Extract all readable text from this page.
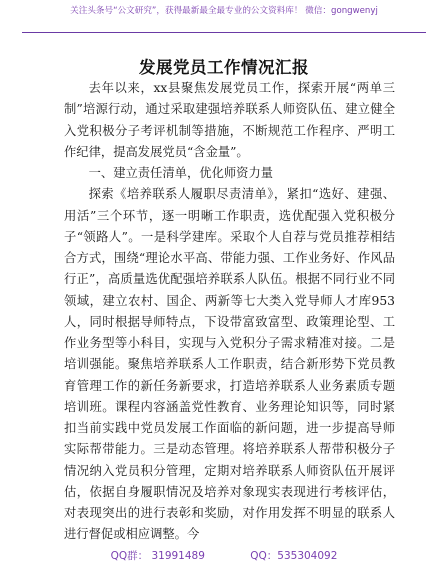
关注头条号“公文研究”，获得最新最全最专业的公文资料库！ 微信：gongwenyj
发展党员工作情况汇报

去年以来，xx县聚焦发展党员工作，探索开展“两单三制”培源行动，通过采取建强培养联系人师资队伍、建立健全入党积极分子考评机制等措施，不断规范工作程序、严明工作纪律，提高发展党员“含金量”。

一、建立责任清单，优化师资力量

探索《培养联系人履职尽责清单》，紧扣“选好、建强、用活”三个环节，逐一明晰工作职责，选优配强入党积极分子“领路人”。一是科学建库。采取个人自荐与党员推荐相结合方式，围绕“理论水平高、带能力强、工作业务好、作风品行正”，高质量选优配强培养联系人队伍。根据不同行业不同领域，建立农村、国企、两新等七大类入党导师人才库953人，同时根据导师特点，下设带富致富型、政策理论型、工作业务型等小科目，实现与入党积分子需求精准对接。二是培训强能。聚焦培养联系人工作职责，结合新形势下党员教育管理工作的新任务新要求，打造培养联系人业务素质专题培训班。课程内容涵盖党性教育、业务理论知识等，同时紧扣当前实践中党员发展工作面临的新问题，进一步提高导师实际帮带能力。三是动态管理。将培养联系人帮带积极分子情况纳入党员积分管理，定期对培养联系人师资队伍开展评估，依据自身履职情况及培养对象现实表现进行考核评估，对表现突出的进行表彰和奖励，对作用发挥不明显的联系人进行督促或相应调整。今

QQ群： 31991489	QQ：535304092
